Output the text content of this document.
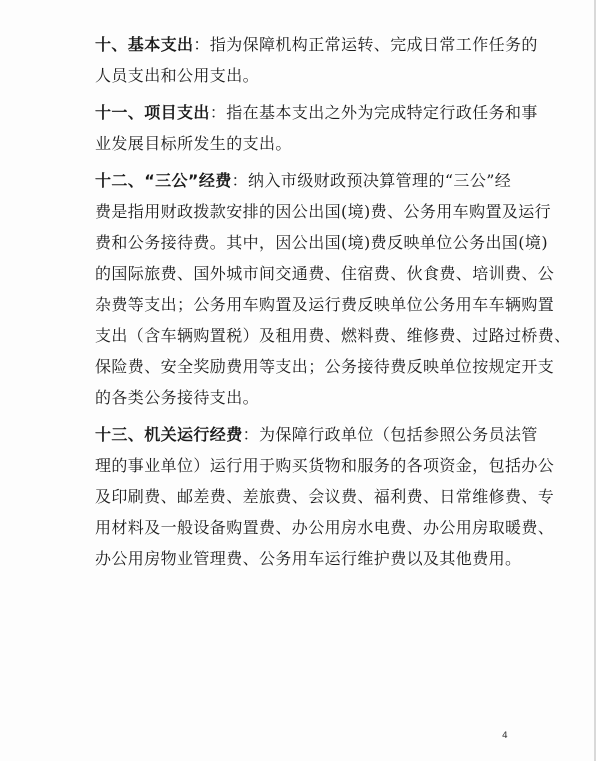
十、基本支出：指为保障机构正常运转、完成日常工作任务的
人员支出和公用支出。

十一、项目支出：指在基本支出之外为完成特定行政任务和事
业发展目标所发生的支出。

十二、“三公”经费：纳入市级财政预决算管理的“三公”经
费是指用财政拨款安排的因公出国(境)费、公务用车购置及运行
费和公务接待费。其中，因公出国(境)费反映单位公务出国(境)
的国际旅费、国外城市间交通费、住宿费、伙食费、培训费、公
杂费等支出；公务用车购置及运行费反映单位公务用车车辆购置
支出（含车辆购置税）及租用费、燃料费、维修费、过路过桥费、
保险费、安全奖励费用等支出；公务接待费反映单位按规定开支
的各类公务接待支出。

十三、机关运行经费：为保障行政单位（包括参照公务员法管
理的事业单位）运行用于购买货物和服务的各项资金，包括办公
及印刷费、邮差费、差旅费、会议费、福利费、日常维修费、专
用材料及一般设备购置费、办公用房水电费、办公用房取暖费、
办公用房物业管理费、公务用车运行维护费以及其他费用。

4
